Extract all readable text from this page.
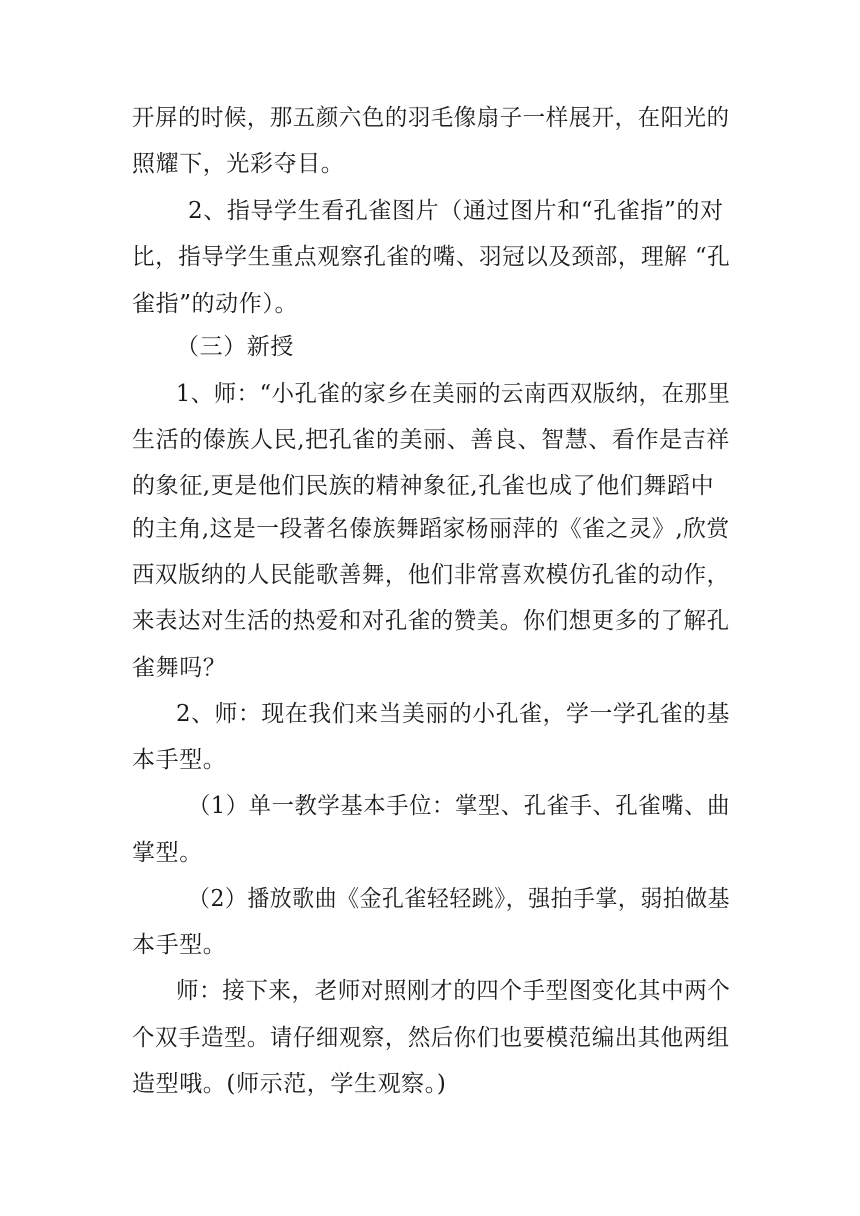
开屏的时候，那五颜六色的羽毛像扇子一样展开，在阳光的
照耀下，光彩夺目。
2、指导学生看孔雀图片（通过图片和“孔雀指”的对
比，指导学生重点观察孔雀的嘴、羽冠以及颈部，理解 “孔
雀指”的动作）。
（三）新授
1、师：“小孔雀的家乡在美丽的云南西双版纳，在那里
生活的傣族人民,把孔雀的美丽、善良、智慧、看作是吉祥
的象征,更是他们民族的精神象征,孔雀也成了他们舞蹈中
的主角,这是一段著名傣族舞蹈家杨丽萍的《雀之灵》,欣赏
西双版纳的人民能歌善舞，他们非常喜欢模仿孔雀的动作，
来表达对生活的热爱和对孔雀的赞美。你们想更多的了解孔
雀舞吗？
2、师：现在我们来当美丽的小孔雀，学一学孔雀的基
本手型。
（1）单一教学基本手位：掌型、孔雀手、孔雀嘴、曲
掌型。
（2）播放歌曲《金孔雀轻轻跳》，强拍手掌，弱拍做基
本手型。
师：接下来，老师对照刚才的四个手型图变化其中两个
个双手造型。请仔细观察，然后你们也要模范编出其他两组
造型哦。(师示范，学生观察。)
